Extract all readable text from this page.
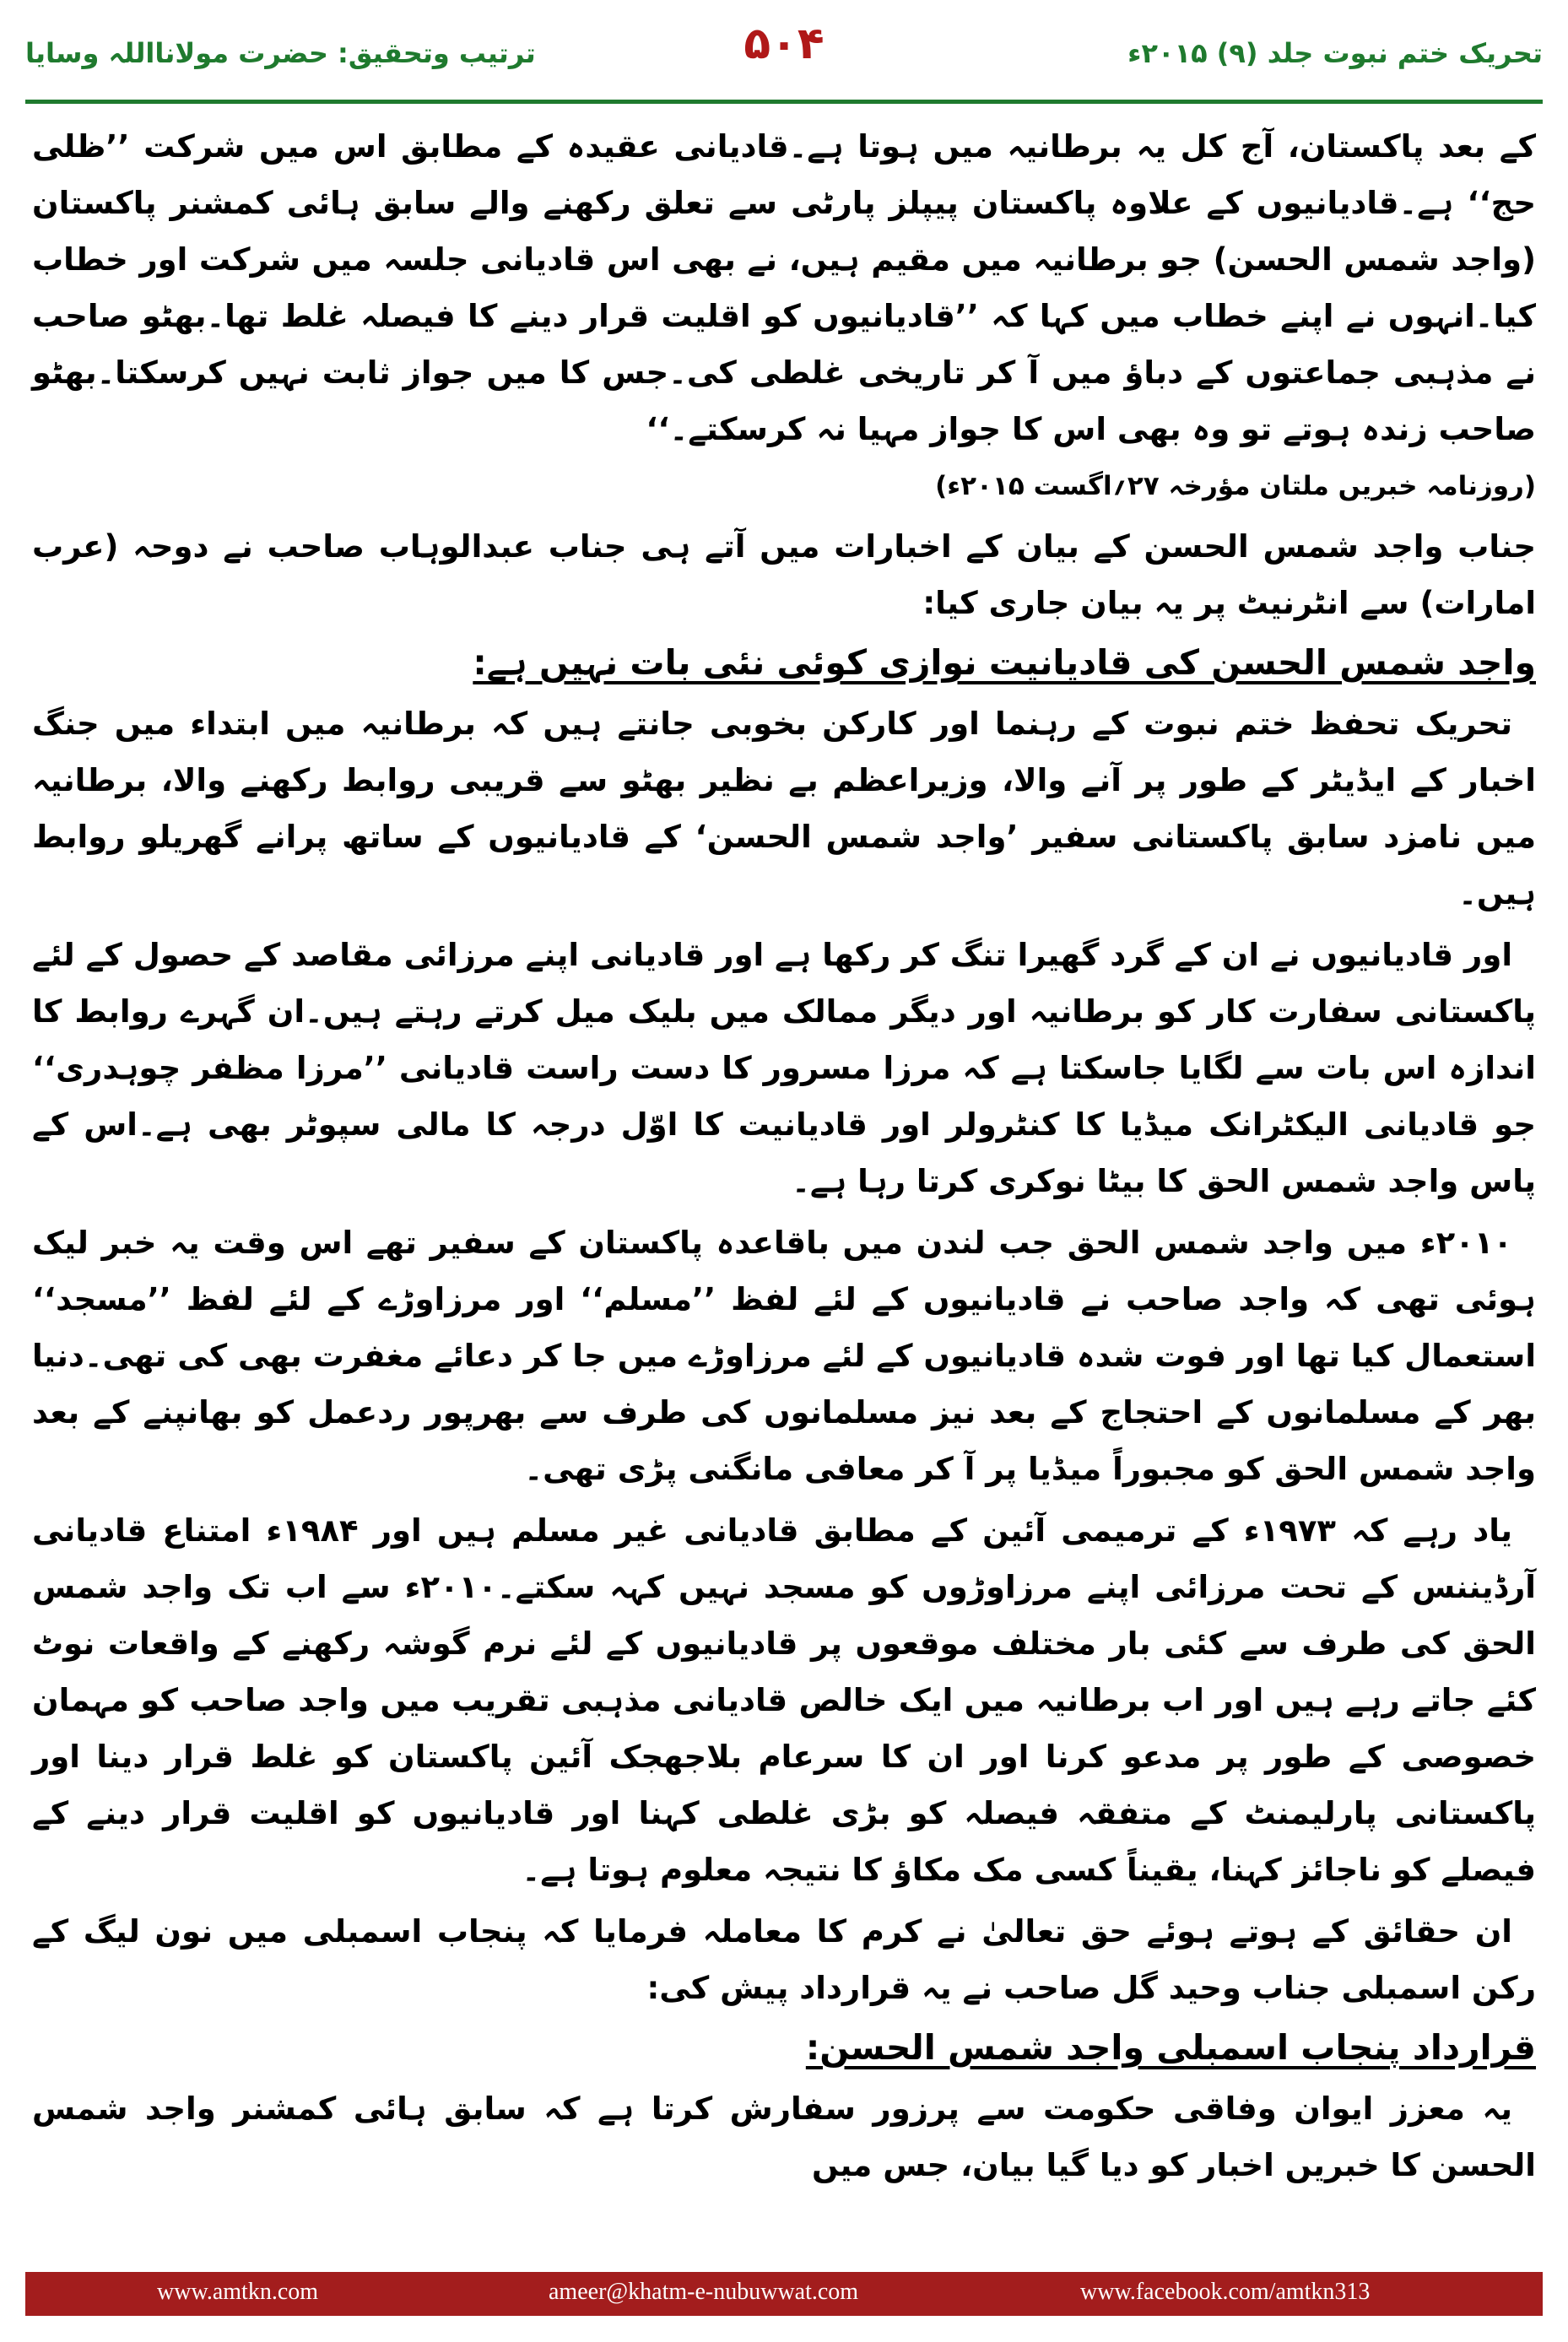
تحریک ختم نبوت جلد (۹) ۲۰۱۵ء
۵۰۴
ترتیب وتحقیق: حضرت مولانااللہ وسایا

کے بعد پاکستان، آج کل یہ برطانیہ میں ہوتا ہے۔قادیانی عقیدہ کے مطابق اس میں شرکت ’’ظلی حج‘‘ ہے۔قادیانیوں کے علاوہ پاکستان پیپلز پارٹی سے تعلق رکھنے والے سابق ہائی کمشنر پاکستان (واجد شمس الحسن) جو برطانیہ میں مقیم ہیں، نے بھی اس قادیانی جلسہ میں شرکت اور خطاب کیا۔انہوں نے اپنے خطاب میں کہا کہ ’’قادیانیوں کو اقلیت قرار دینے کا فیصلہ غلط تھا۔بھٹو صاحب نے مذہبی جماعتوں کے دباؤ میں آ کر تاریخی غلطی کی۔جس کا میں جواز ثابت نہیں کرسکتا۔بھٹو صاحب زندہ ہوتے تو وہ بھی اس کا جواز مہیا نہ کرسکتے۔‘‘

(روزنامہ خبریں ملتان مؤرخہ ۲۷؍اگست ۲۰۱۵ء)

جناب واجد شمس الحسن کے بیان کے اخبارات میں آتے ہی جناب عبدالوہاب صاحب نے دوحہ (عرب امارات) سے انٹرنیٹ پر یہ بیان جاری کیا:

واجد شمس الحسن کی قادیانیت نوازی کوئی نئی بات نہیں ہے:

تحریک تحفظ ختم نبوت کے رہنما اور کارکن بخوبی جانتے ہیں کہ برطانیہ میں ابتداء میں جنگ اخبار کے ایڈیٹر کے طور پر آنے والا، وزیراعظم بے نظیر بھٹو سے قریبی روابط رکھنے والا، برطانیہ میں نامزد سابق پاکستانی سفیر ’واجد شمس الحسن‘ کے قادیانیوں کے ساتھ پرانے گھریلو روابط ہیں۔

اور قادیانیوں نے ان کے گرد گھیرا تنگ کر رکھا ہے اور قادیانی اپنے مرزائی مقاصد کے حصول کے لئے پاکستانی سفارت کار کو برطانیہ اور دیگر ممالک میں بلیک میل کرتے رہتے ہیں۔ان گہرے روابط کا اندازہ اس بات سے لگایا جاسکتا ہے کہ مرزا مسرور کا دست راست قادیانی ’’مرزا مظفر چوہدری‘‘ جو قادیانی الیکٹرانک میڈیا کا کنٹرولر اور قادیانیت کا اوّل درجہ کا مالی سپوٹر بھی ہے۔اس کے پاس واجد شمس الحق کا بیٹا نوکری کرتا رہا ہے۔

۲۰۱۰ء میں واجد شمس الحق جب لندن میں باقاعدہ پاکستان کے سفیر تھے اس وقت یہ خبر لیک ہوئی تھی کہ واجد صاحب نے قادیانیوں کے لئے لفظ ’’مسلم‘‘ اور مرزاوڑے کے لئے لفظ ’’مسجد‘‘ استعمال کیا تھا اور فوت شدہ قادیانیوں کے لئے مرزاوڑے میں جا کر دعائے مغفرت بھی کی تھی۔دنیا بھر کے مسلمانوں کے احتجاج کے بعد نیز مسلمانوں کی طرف سے بھرپور ردعمل کو بھانپنے کے بعد واجد شمس الحق کو مجبوراً میڈیا پر آ کر معافی مانگنی پڑی تھی۔

یاد رہے کہ ۱۹۷۳ء کے ترمیمی آئین کے مطابق قادیانی غیر مسلم ہیں اور ۱۹۸۴ء امتناع قادیانی آرڈیننس کے تحت مرزائی اپنے مرزاوڑوں کو مسجد نہیں کہہ سکتے۔۲۰۱۰ء سے اب تک واجد شمس الحق کی طرف سے کئی بار مختلف موقعوں پر قادیانیوں کے لئے نرم گوشہ رکھنے کے واقعات نوٹ کئے جاتے رہے ہیں اور اب برطانیہ میں ایک خالص قادیانی مذہبی تقریب میں واجد صاحب کو مہمان خصوصی کے طور پر مدعو کرنا اور ان کا سرعام بلاجھجک آئین پاکستان کو غلط قرار دینا اور پاکستانی پارلیمنٹ کے متفقہ فیصلہ کو بڑی غلطی کہنا اور قادیانیوں کو اقلیت قرار دینے کے فیصلے کو ناجائز کہنا، یقیناً کسی مک مکاؤ کا نتیجہ معلوم ہوتا ہے۔

ان حقائق کے ہوتے ہوئے حق تعالیٰ نے کرم کا معاملہ فرمایا کہ پنجاب اسمبلی میں نون لیگ کے رکن اسمبلی جناب وحید گل صاحب نے یہ قرارداد پیش کی:

قرارداد پنجاب اسمبلی واجد شمس الحسن:

یہ معزز ایوان وفاقی حکومت سے پرزور سفارش کرتا ہے کہ سابق ہائی کمشنر واجد شمس الحسن کا خبریں اخبار کو دیا گیا بیان، جس میں

www.amtkn.com	ameer@khatm-e-nubuwwat.com	www.facebook.com/amtkn313
